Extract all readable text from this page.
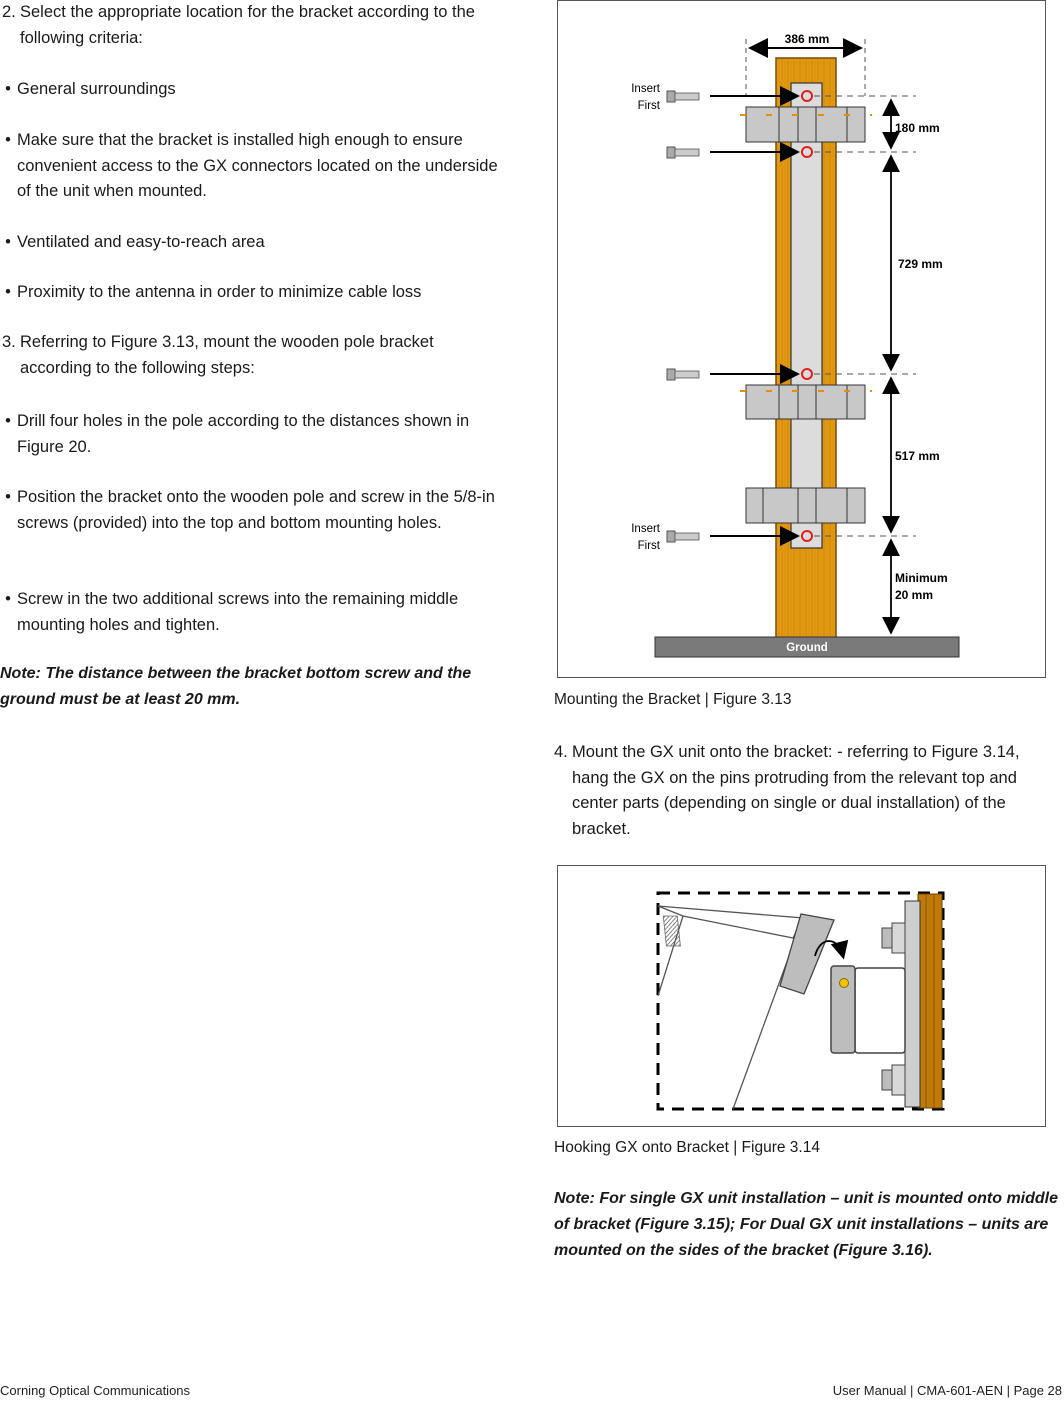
2. Select the appropriate location for the bracket according to the following criteria:

• General surroundings

• Make sure that the bracket is installed high enough to ensure convenient access to the GX connectors located on the underside of the unit when mounted.

• Ventilated and easy-to-reach area

• Proximity to the antenna in order to minimize cable loss

3. Referring to Figure 3.13, mount the wooden pole bracket according to the following steps:

• Drill four holes in the pole according to the distances shown in Figure 20.

• Position the bracket onto the wooden pole and screw in the 5/8-in screws (provided) into the top and bottom mounting holes.

• Screw in the two additional screws into the remaining middle mounting holes and tighten.

Note: The distance between the bracket bottom screw and the ground must be at least 20 mm.

386 mm
Insert
First
Insert
First
180 mm
729 mm
517 mm
Minimum
20 mm
Ground
Mounting the Bracket | Figure 3.13

4. Mount the GX unit onto the bracket: - referring to Figure 3.14, hang the GX on the pins protruding from the relevant top and center parts (depending on single or dual installation) of the bracket.

Hooking GX onto Bracket | Figure 3.14

Note: For single GX unit installation – unit is mounted onto middle of bracket (Figure 3.15); For Dual GX unit installations – units are mounted on the sides of the bracket (Figure 3.16).

Corning Optical Communications	User Manual | CMA-601-AEN | Page 28
